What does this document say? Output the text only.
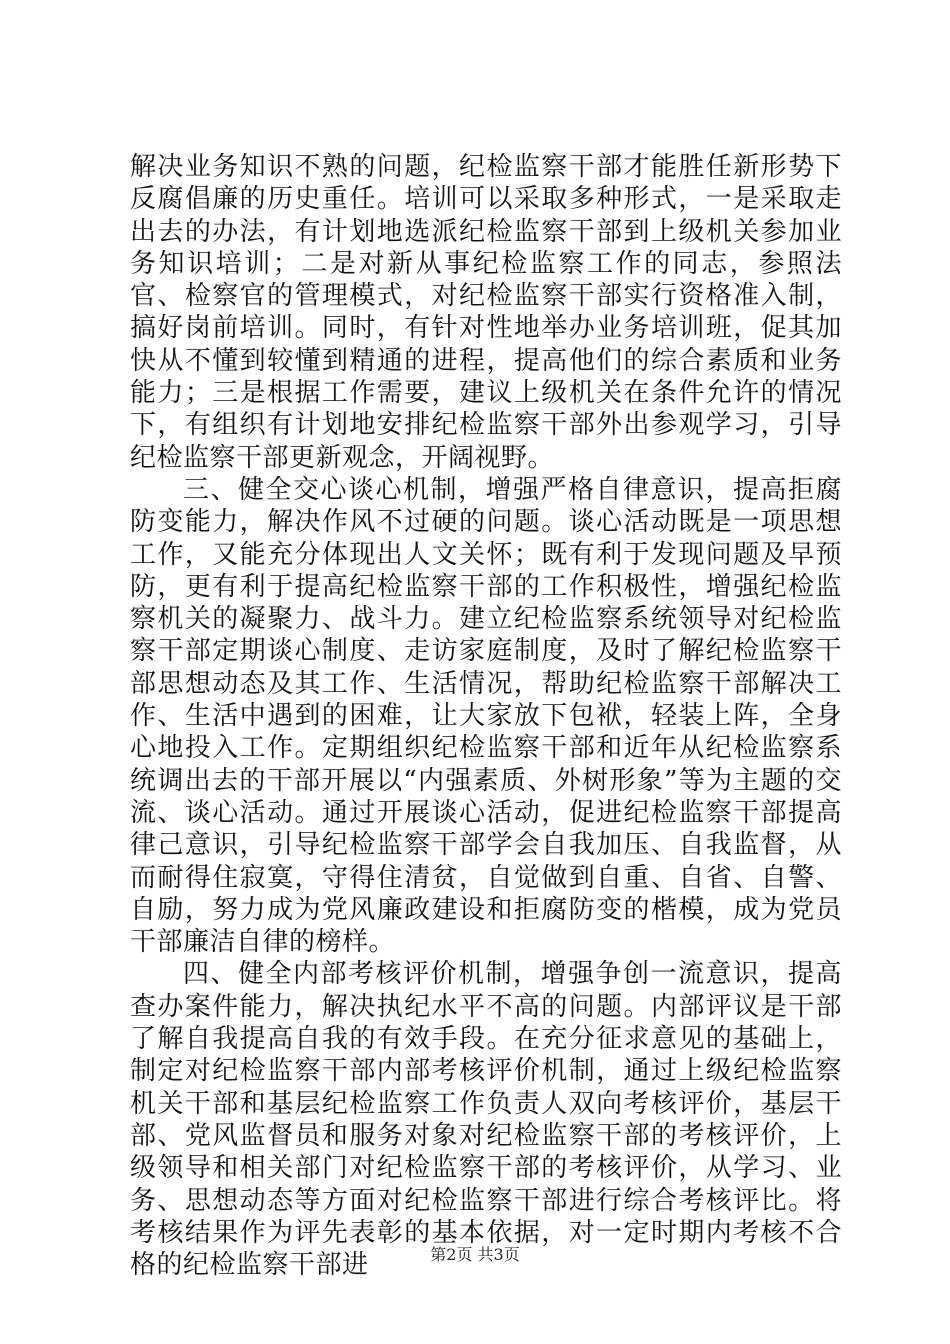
解决业务知识不熟的问题，纪检监察干部才能胜任新形势下反腐倡廉的历史重任。培训可以采取多种形式，一是采取走出去的办法，有计划地选派纪检监察干部到上级机关参加业务知识培训；二是对新从事纪检监察工作的同志，参照法官、检察官的管理模式，对纪检监察干部实行资格准入制，搞好岗前培训。同时，有针对性地举办业务培训班，促其加快从不懂到较懂到精通的进程，提高他们的综合素质和业务能力；三是根据工作需要，建议上级机关在条件允许的情况下，有组织有计划地安排纪检监察干部外出参观学习，引导纪检监察干部更新观念，开阔视野。

三、健全交心谈心机制，增强严格自律意识，提高拒腐防变能力，解决作风不过硬的问题。谈心活动既是一项思想工作，又能充分体现出人文关怀；既有利于发现问题及早预防，更有利于提高纪检监察干部的工作积极性，增强纪检监察机关的凝聚力、战斗力。建立纪检监察系统领导对纪检监察干部定期谈心制度、走访家庭制度，及时了解纪检监察干部思想动态及其工作、生活情况，帮助纪检监察干部解决工作、生活中遇到的困难，让大家放下包袱，轻装上阵，全身心地投入工作。定期组织纪检监察干部和近年从纪检监察系统调出去的干部开展以“内强素质、外树形象”等为主题的交流、谈心活动。通过开展谈心活动，促进纪检监察干部提高律己意识，引导纪检监察干部学会自我加压、自我监督，从而耐得住寂寞，守得住清贫，自觉做到自重、自省、自警、自励，努力成为党风廉政建设和拒腐防变的楷模，成为党员干部廉洁自律的榜样。

四、健全内部考核评价机制，增强争创一流意识，提高查办案件能力，解决执纪水平不高的问题。内部评议是干部了解自我提高自我的有效手段。在充分征求意见的基础上，制定对纪检监察干部内部考核评价机制，通过上级纪检监察机关干部和基层纪检监察工作负责人双向考核评价，基层干部、党风监督员和服务对象对纪检监察干部的考核评价，上级领导和相关部门对纪检监察干部的考核评价，从学习、业务、思想动态等方面对纪检监察干部进行综合考核评比。将考核结果作为评先表彰的基本依据，对一定时期内考核不合格的纪检监察干部进	第2页 共3页
